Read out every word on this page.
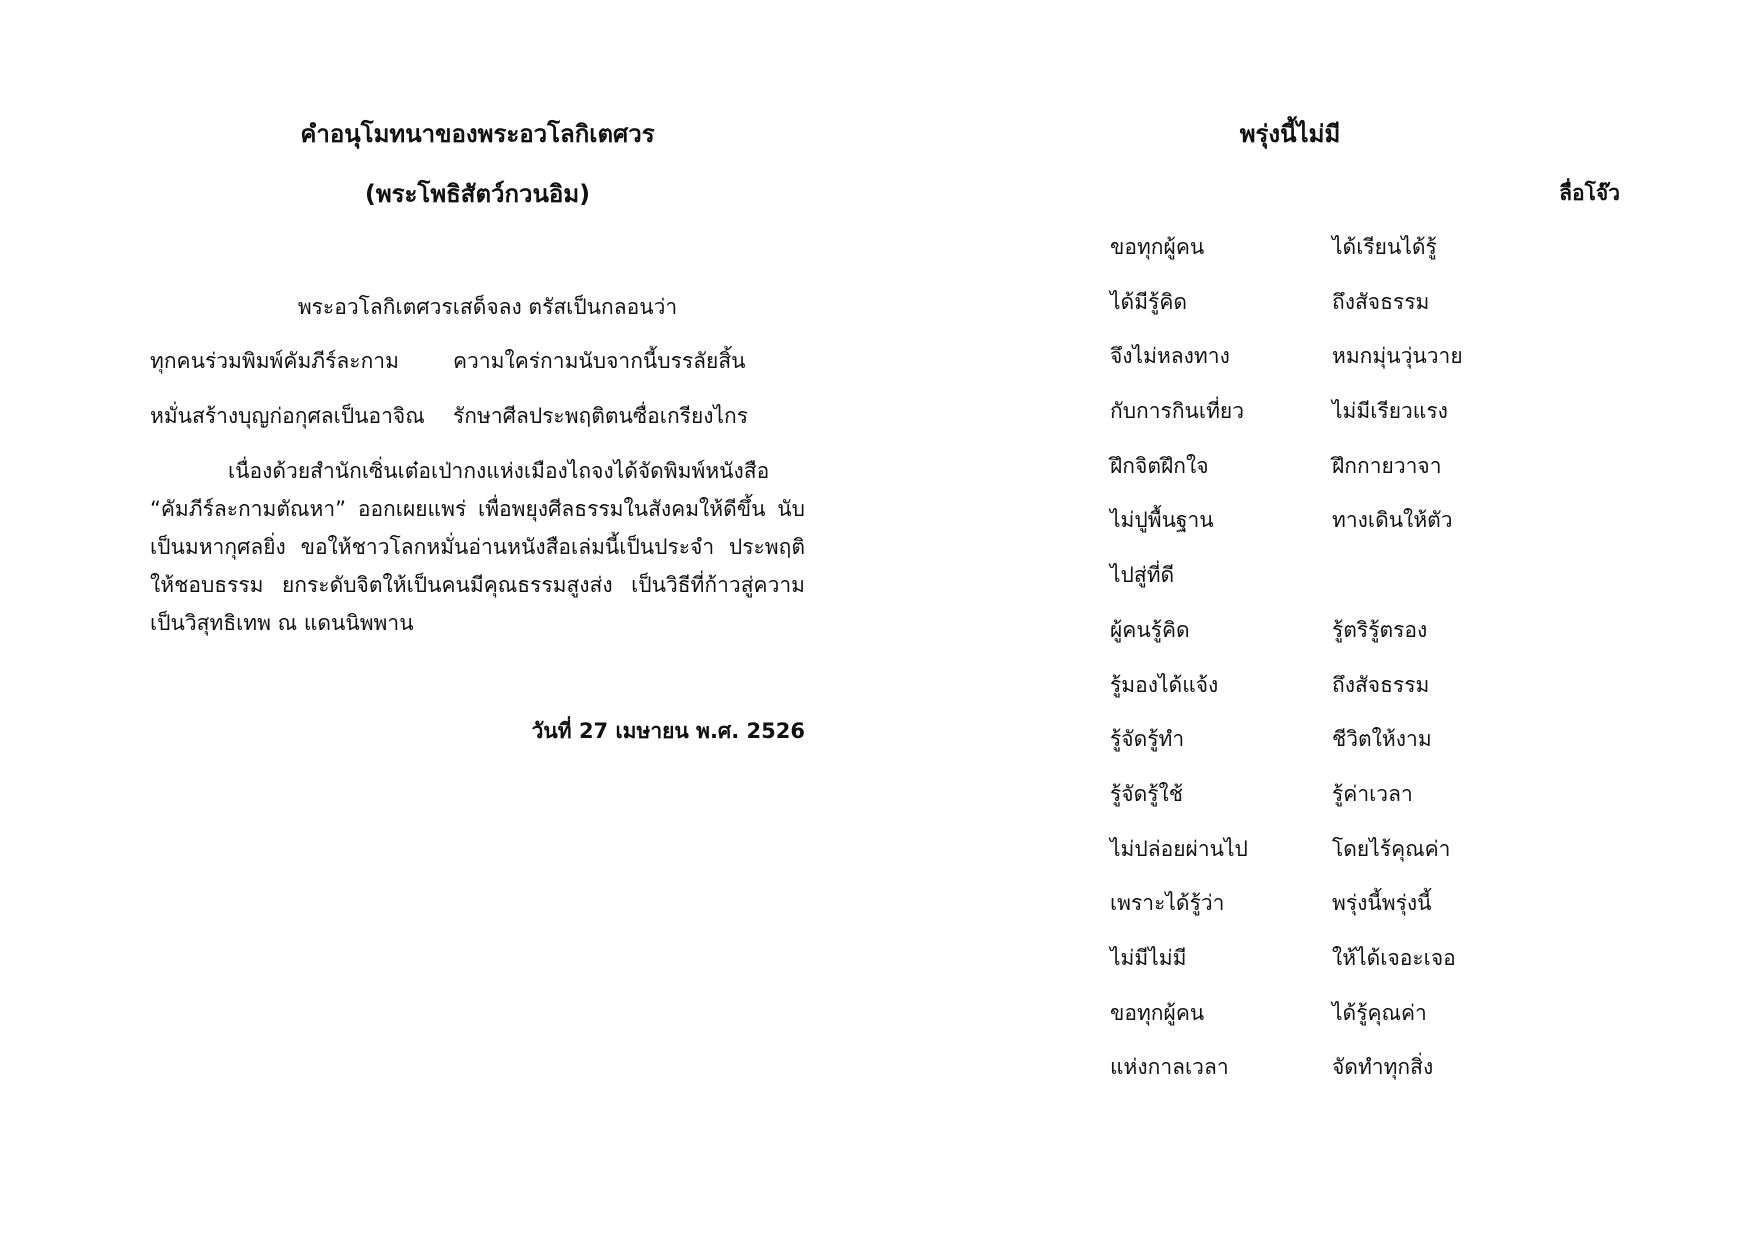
คำอนุโมทนาของพระอวโลกิเตศวร
(พระโพธิสัตว์กวนอิม)
พระอวโลกิเตศวรเสด็จลง ตรัสเป็นกลอนว่า
ทุกคนร่วมพิมพ์คัมภีร์ละกาม	ความใคร่กามนับจากนี้บรรลัยสิ้น
หมั่นสร้างบุญก่อกุศลเป็นอาจิณ	รักษาศีลประพฤติตนซื่อเกรียงไกร

เนื่องด้วยสำนักเซิ่นเต๋อเป่ากงแห่งเมืองไถจงได้จัดพิมพ์หนังสือ “คัมภีร์ละกามตัณหา” ออกเผยแพร่ เพื่อพยุงศีลธรรมในสังคมให้ดีขึ้น นับเป็นมหากุศลยิ่ง ขอให้ชาวโลกหมั่นอ่านหนังสือเล่มนี้เป็นประจำ ประพฤติให้ชอบธรรม ยกระดับจิตให้เป็นคนมีคุณธรรมสูงส่ง เป็นวิธีที่ก้าวสู่ความเป็นวิสุทธิเทพ ณ แดนนิพพาน

วันที่ 27 เมษายน พ.ศ. 2526
พรุ่งนี้ไม่มี
ลื่อโจ๊ว
ขอทุกผู้คน	ได้เรียนได้รู้
ได้มีรู้คิด	ถึงสัจธรรม
จึงไม่หลงทาง	หมกมุ่นวุ่นวาย
กับการกินเที่ยว	ไม่มีเรียวแรง
ฝึกจิตฝึกใจ	ฝึกกายวาจา
ไม่ปูพื้นฐาน	ทางเดินให้ตัว
ไปสู่ที่ดี
ผู้คนรู้คิด	รู้ตริรู้ตรอง
รู้มองได้แจ้ง	ถึงสัจธรรม
รู้จัดรู้ทำ	ชีวิตให้งาม
รู้จัดรู้ใช้	รู้ค่าเวลา
ไม่ปล่อยผ่านไป	โดยไร้คุณค่า
เพราะได้รู้ว่า	พรุ่งนี้พรุ่งนี้
ไม่มีไม่มี	ให้ได้เจอะเจอ
ขอทุกผู้คน	ได้รู้คุณค่า
แห่งกาลเวลา	จัดทำทุกสิ่ง
